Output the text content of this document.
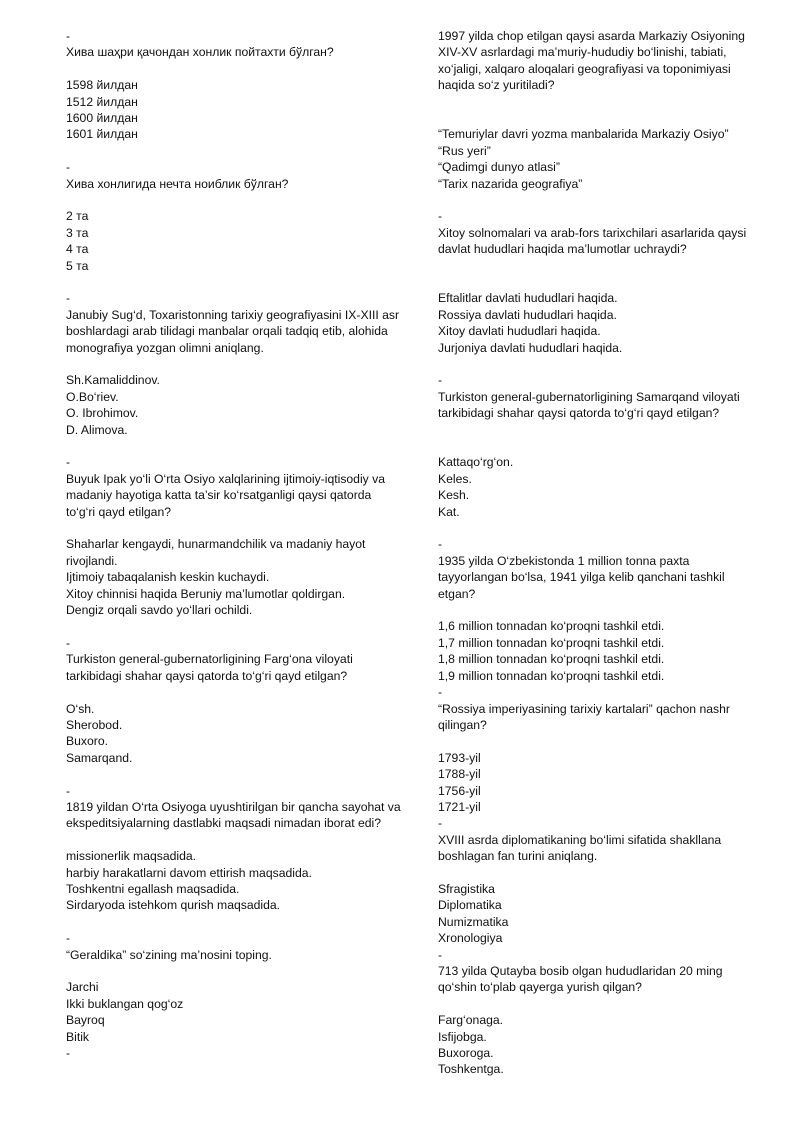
-
Хива шаҳри қачондан хонлик пойтахти бўлган?
1598 йилдан
1512 йилдан
1600 йилдан
1601 йилдан
-
Хива хонлигида нечта ноиблик бўлган?
2 та
3 та
4 та
5 та
-
Janubiy Sug‘d, Toxaristonning tarixiy geografiyasini IX-XIII asr boshlardagi arab tilidagi manbalar orqali tadqiq etib, alohida monografiya yozgan olimni aniqlang.
Sh.Kamaliddinov.
O.Bo‘riev.
O. Ibrohimov.
D. Alimova.
-
Buyuk Ipak yo‘li O‘rta Osiyo xalqlarining ijtimoiy-iqtisodiy va madaniy hayotiga katta ta’sir ko‘rsatganligi qaysi qatorda to‘g‘ri qayd etilgan?
Shaharlar kengaydi, hunarmandchilik va madaniy hayot rivojlandi.
Ijtimoiy tabaqalanish keskin kuchaydi.
Xitoy chinnisi haqida Beruniy ma’lumotlar qoldirgan.
Dengiz orqali savdo yo‘llari ochildi.
-
Turkiston general-gubernatorligining Farg‘ona viloyati tarkibidagi shahar qaysi qatorda to‘g‘ri qayd etilgan?
O‘sh.
Sherobod.
Buxoro.
Samarqand.
-
1819 yildan O‘rta Osiyoga uyushtirilgan bir qancha sayohat va ekspeditsiyalarning dastlabki maqsadi nimadan iborat edi?
missionerlik maqsadida.
harbiy harakatlarni davom ettirish maqsadida.
Toshkentni egallash maqsadida.
Sirdaryoda istehkom qurish maqsadida.
-
“Geraldika” so‘zining ma’nosini toping.
Jarchi
Ikki buklangan qog‘oz
Bayroq
Bitik
-
1997 yilda chop etilgan qaysi asarda Markaziy Osiyoning XIV-XV asrlardagi ma’muriy-hududiy bo‘linishi, tabiati, xo‘jaligi, xalqaro aloqalari geografiyasi va toponimiyasi haqida so‘z yuritiladi?
“Temuriylar davri yozma manbalarida Markaziy Osiyo”
“Rus yeri”
“Qadimgi dunyo atlasi”
“Tarix nazarida geografiya”
-
Xitoy solnomalari va arab-fors tarixchilari asarlarida qaysi davlat hududlari haqida ma’lumotlar uchraydi?
Eftalitlar davlati hududlari haqida.
Rossiya davlati hududlari haqida.
Xitoy davlati hududlari haqida.
Jurjoniya davlati hududlari haqida.
-
Turkiston general-gubernatorligining Samarqand viloyati tarkibidagi shahar qaysi qatorda to‘g‘ri qayd etilgan?
Kattaqo‘rg‘on.
Keles.
Kesh.
Kat.
-
1935 yilda O‘zbekistonda 1 million tonna paxta tayyorlangan bo‘lsa, 1941 yilga kelib qanchani tashkil etgan?
1,6 million tonnadan ko‘proqni tashkil etdi.
1,7 million tonnadan ko‘proqni tashkil etdi.
1,8 million tonnadan ko‘proqni tashkil etdi.
1,9 million tonnadan ko‘proqni tashkil etdi.
-
“Rossiya imperiyasining tarixiy kartalari” qachon nashr qilingan?
1793-yil
1788-yil
1756-yil
1721-yil
-
XVIII asrda diplomatikaning bo‘limi sifatida shakllana boshlagan fan turini aniqlang.
Sfragistika
Diplomatika
Numizmatika
Xronologiya
-
713 yilda Qutayba bosib olgan hududlaridan 20 ming qo‘shin to‘plab qayerga yurish qilgan?
Farg‘onaga.
Isfijobga.
Buxoroga.
Toshkentga.
